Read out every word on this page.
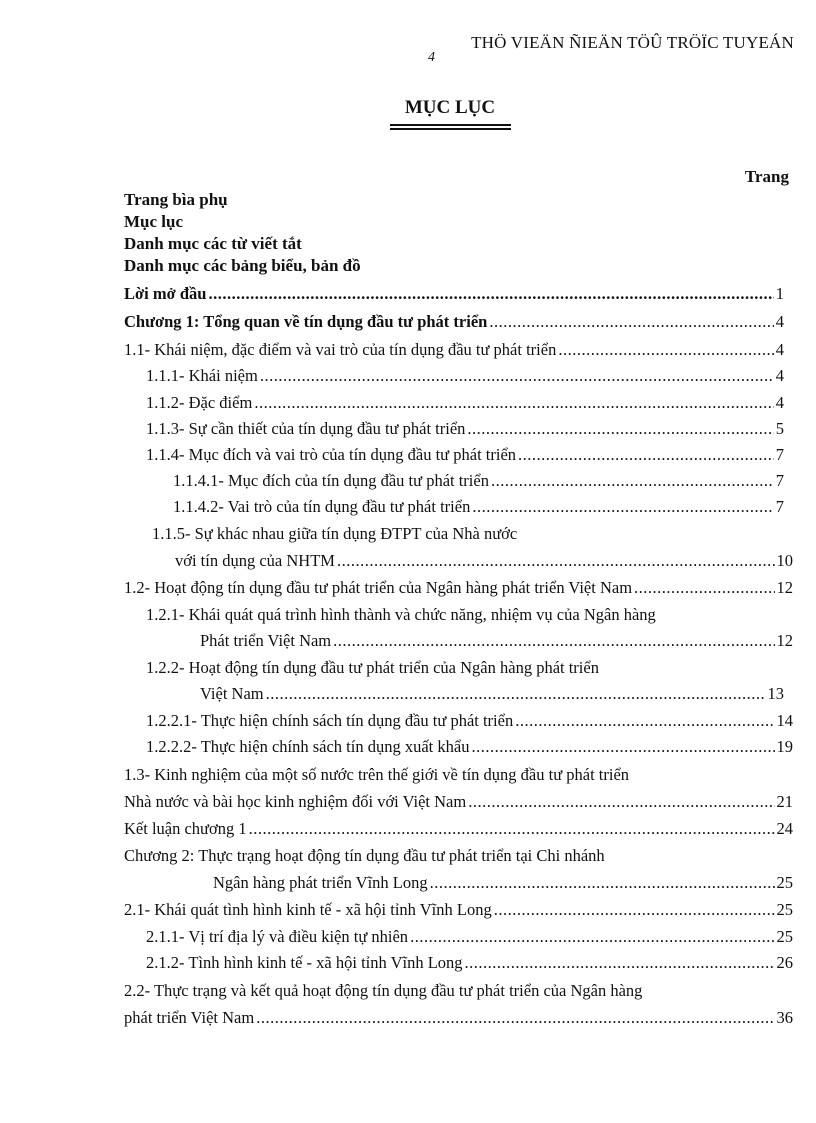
THÖ VIEÄN ÑIEÄN TÖÛ TRÖÏC TUYEÁN
4
MỤC LỤC
Trang
Trang bìa phụ
Mục lục
Danh mục các từ viết tắt
Danh mục các bảng biểu, bản đồ
Lời mở đầu .....	1
Chương 1: Tổng quan về tín dụng đầu tư phát triển .....	4
1.1- Khái niệm, đặc điểm và vai trò của tín dụng đầu tư phát triển .....	4
1.1.1- Khái niệm .....	4
1.1.2- Đặc điểm .....	4
1.1.3- Sự cần thiết của tín dụng đầu tư phát triển .....	5
1.1.4- Mục đích và vai trò của tín dụng đầu tư phát triển .....	7
1.1.4.1- Mục đích của tín dụng đầu tư phát triển .....	7
1.1.4.2- Vai trò của tín dụng đầu tư phát triển .....	7
1.1.5- Sự khác nhau giữa tín dụng ĐTPT của Nhà nước
với tín dụng của NHTM .....	10
1.2- Hoạt động tín dụng đầu tư phát triển của Ngân hàng phát triển Việt Nam .....	12
1.2.1- Khái quát quá trình hình thành và chức năng, nhiệm vụ của Ngân hàng
Phát triển Việt Nam .....	12
1.2.2- Hoạt động tín dụng đầu tư phát triển của Ngân hàng phát triển
Việt Nam .....	13
1.2.2.1- Thực hiện chính sách tín dụng đầu tư phát triển .....	14
1.2.2.2- Thực hiện chính sách tín dụng xuất khẩu .....	19
1.3- Kinh nghiệm của một số nước trên thế giới về tín dụng đầu tư phát triển
Nhà nước và bài học kinh nghiệm đối với Việt Nam .....	21
Kết luận chương 1 .....	24
Chương 2: Thực trạng hoạt động tín dụng đầu tư phát triển tại Chi nhánh
Ngân hàng phát triển Vĩnh Long .....	25
2.1- Khái quát tình hình kinh tế - xã hội tỉnh Vĩnh Long .....	25
2.1.1- Vị trí địa lý và điều kiện tự nhiên .....	25
2.1.2- Tình hình kinh tế - xã hội tỉnh Vĩnh Long .....	26
2.2- Thực trạng và kết quả hoạt động tín dụng đầu tư phát triển của Ngân hàng
phát triển Việt Nam .....	36
